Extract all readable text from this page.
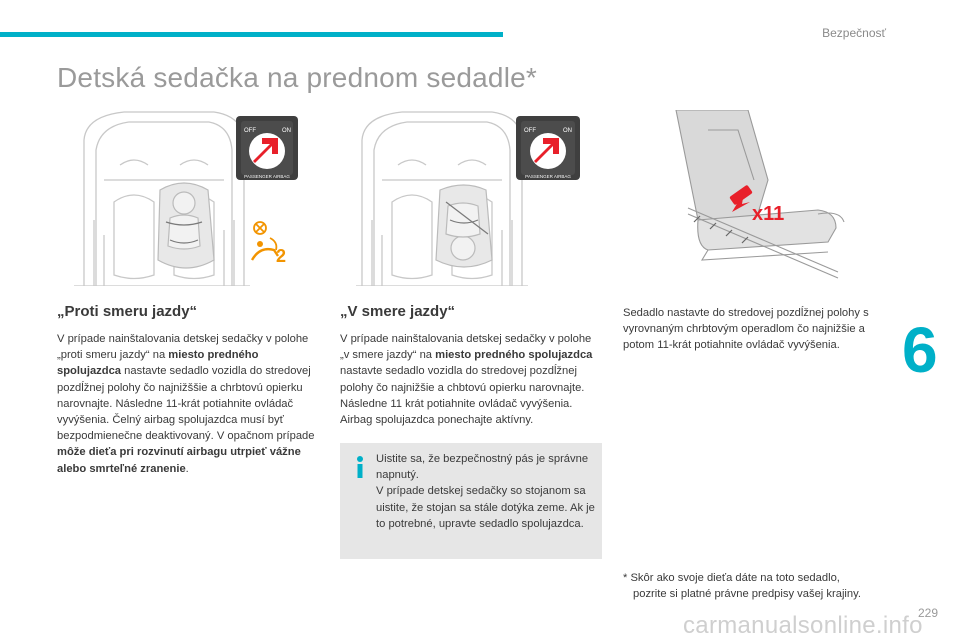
Bezpečnosť
Detská sedačka na prednom sedadle*
OFF	ON
PASSENGER AIRBAG
2
OFF	ON
PASSENGER AIRBAG
x11
„Proti smeru jazdy“

V prípade nainštalovania detskej sedačky v polohe „proti smeru jazdy“ na miesto predného spolujazdca nastavte sedadlo vozidla do stredovej pozdĺžnej polohy čo najnižššie a chrbtovú opierku narovnajte. Následne 11-krát potiahnite ovládač vyvýšenia. Čelný airbag spolujazdca musí byť bezpodmienečne deaktivovaný. V opačnom prípade môže dieťa pri rozvinutí airbagu utrpieť vážne alebo smrteľné zranenie.

„V smere jazdy“

V prípade nainštalovania detskej sedačky v polohe „v smere jazdy“ na miesto predného spolujazdca nastavte sedadlo vozidla do stredovej pozdĺžnej polohy čo najnižšie a chbtovú opierku narovnajte. Následne 11 krát potiahnite ovládač vyvýšenia. Airbag spolujazdca ponechajte aktívny.

Uistite sa, že bezpečnostný pás je správne napnutý.

V prípade detskej sedačky so stojanom sa uistite, že stojan sa stále dotýka zeme. Ak je to potrebné, upravte sedadlo spolujazdca.

Sedadlo nastavte do stredovej pozdĺžnej polohy s vyrovnaným chrbtovým operadlom čo najnižšie a potom 11-krát potiahnite ovládač vyvýšenia.

* Skôr ako svoje dieťa dáte na toto sedadlo,
pozrite si platné právne predpisy vašej krajiny.
6
carmanualsonline.info
229
